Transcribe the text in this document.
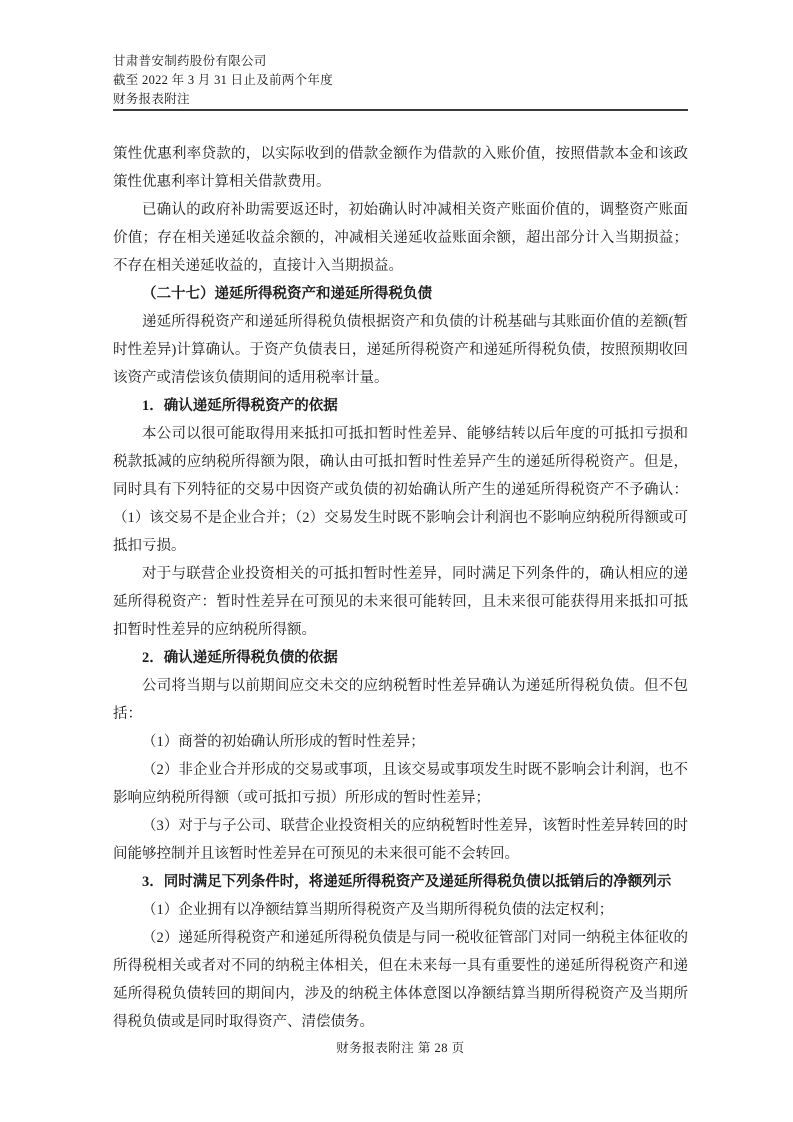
甘肃普安制药股份有限公司
截至 2022 年 3 月 31 日止及前两个年度
财务报表附注

策性优惠利率贷款的，以实际收到的借款金额作为借款的入账价值，按照借款本金和该政策性优惠利率计算相关借款费用。

已确认的政府补助需要返还时，初始确认时冲减相关资产账面价值的，调整资产账面价值；存在相关递延收益余额的，冲减相关递延收益账面余额，超出部分计入当期损益；不存在相关递延收益的，直接计入当期损益。

（二十七）递延所得税资产和递延所得税负债

递延所得税资产和递延所得税负债根据资产和负债的计税基础与其账面价值的差额(暂时性差异)计算确认。于资产负债表日，递延所得税资产和递延所得税负债，按照预期收回该资产或清偿该负债期间的适用税率计量。

1．确认递延所得税资产的依据

本公司以很可能取得用来抵扣可抵扣暂时性差异、能够结转以后年度的可抵扣亏损和税款抵减的应纳税所得额为限，确认由可抵扣暂时性差异产生的递延所得税资产。但是，同时具有下列特征的交易中因资产或负债的初始确认所产生的递延所得税资产不予确认：（1）该交易不是企业合并；（2）交易发生时既不影响会计利润也不影响应纳税所得额或可抵扣亏损。

对于与联营企业投资相关的可抵扣暂时性差异，同时满足下列条件的，确认相应的递延所得税资产：暂时性差异在可预见的未来很可能转回，且未来很可能获得用来抵扣可抵扣暂时性差异的应纳税所得额。

2．确认递延所得税负债的依据

公司将当期与以前期间应交未交的应纳税暂时性差异确认为递延所得税负债。但不包括：

（1）商誉的初始确认所形成的暂时性差异；

（2）非企业合并形成的交易或事项，且该交易或事项发生时既不影响会计利润，也不影响应纳税所得额（或可抵扣亏损）所形成的暂时性差异；

（3）对于与子公司、联营企业投资相关的应纳税暂时性差异，该暂时性差异转回的时间能够控制并且该暂时性差异在可预见的未来很可能不会转回。

3．同时满足下列条件时，将递延所得税资产及递延所得税负债以抵销后的净额列示

（1）企业拥有以净额结算当期所得税资产及当期所得税负债的法定权利；

（2）递延所得税资产和递延所得税负债是与同一税收征管部门对同一纳税主体征收的所得税相关或者对不同的纳税主体相关，但在未来每一具有重要性的递延所得税资产和递延所得税负债转回的期间内，涉及的纳税主体体意图以净额结算当期所得税资产及当期所得税负债或是同时取得资产、清偿债务。

财务报表附注 第 28 页
